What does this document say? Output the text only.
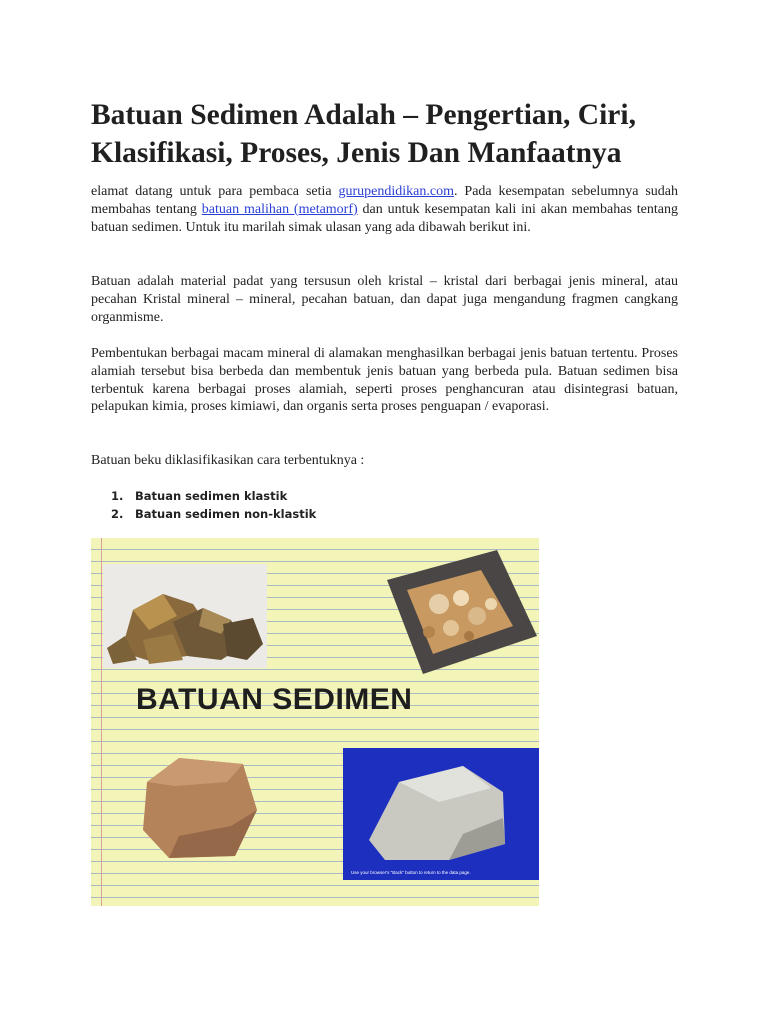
Batuan Sedimen Adalah – Pengertian, Ciri, Klasifikasi, Proses, Jenis Dan Manfaatnya

elamat datang untuk para pembaca setia gurupendidikan.com. Pada kesempatan sebelumnya sudah membahas tentang batuan malihan (metamorf) dan untuk kesempatan kali ini akan membahas tentang batuan sedimen. Untuk itu marilah simak ulasan yang ada dibawah berikut ini.

Batuan adalah material padat yang tersusun oleh kristal – kristal dari berbagai jenis mineral, atau pecahan Kristal mineral – mineral, pecahan batuan, dan dapat juga mengandung fragmen cangkang organmisme.

Pembentukan berbagai macam mineral di alamakan menghasilkan berbagai jenis batuan tertentu. Proses alamiah tersebut bisa berbeda dan membentuk jenis batuan yang berbeda pula. Batuan sedimen bisa terbentuk karena berbagai proses alamiah, seperti proses penghancuran atau disintegrasi batuan, pelapukan kimia, proses kimiawi, dan organis serta proses penguapan / evaporasi.

Batuan beku diklasifikasikan cara terbentuknya :

1. Batuan sedimen klastik
2. Batuan sedimen non-klastik
BATUAN SEDIMEN
Use your browser's "Back" button to return to the data page.
